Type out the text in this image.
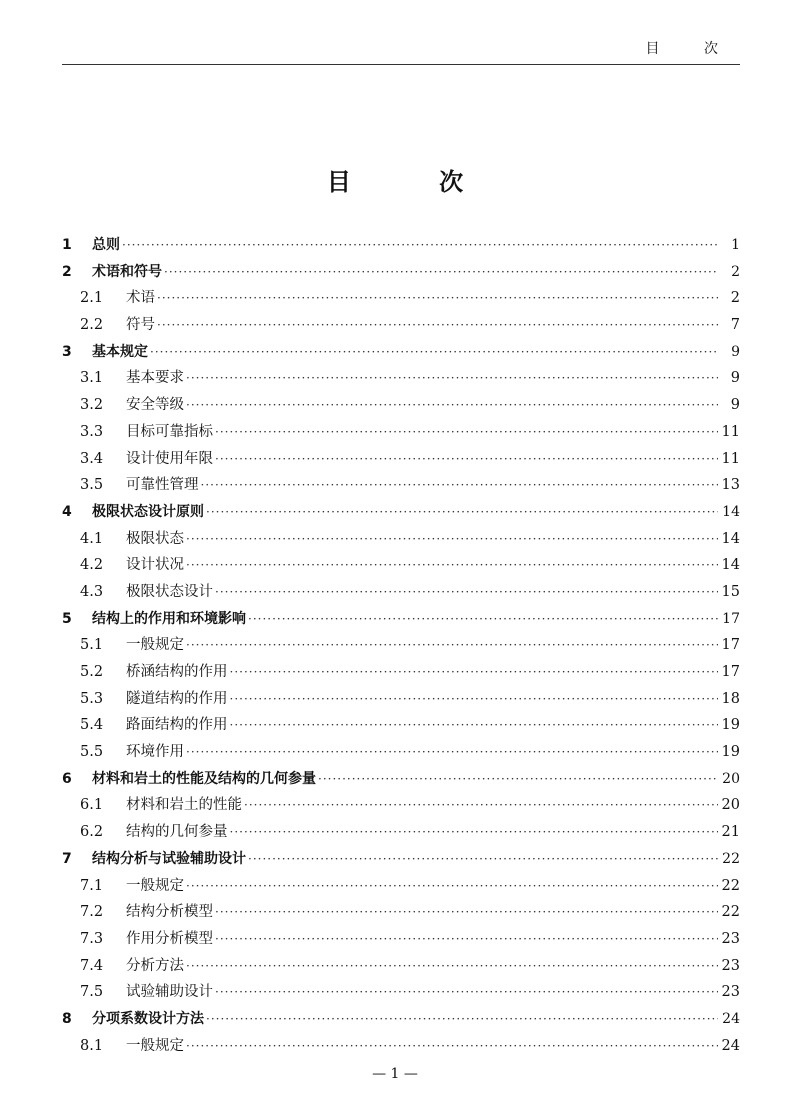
目 次
目 次
1	总则 ·····	1
2	术语和符号 ·····	2
2.1	术语 ·····	2
2.2	符号 ·····	7
3	基本规定 ·····	9
3.1	基本要求 ·····	9
3.2	安全等级 ·····	9
3.3	目标可靠指标 ·····	11
3.4	设计使用年限 ·····	11
3.5	可靠性管理 ·····	13
4	极限状态设计原则 ·····	14
4.1	极限状态 ·····	14
4.2	设计状况 ·····	14
4.3	极限状态设计 ·····	15
5	结构上的作用和环境影响 ·····	17
5.1	一般规定 ·····	17
5.2	桥涵结构的作用 ·····	17
5.3	隧道结构的作用 ·····	18
5.4	路面结构的作用 ·····	19
5.5	环境作用 ·····	19
6	材料和岩土的性能及结构的几何参量 ·····	20
6.1	材料和岩土的性能 ·····	20
6.2	结构的几何参量 ·····	21
7	结构分析与试验辅助设计 ·····	22
7.1	一般规定 ·····	22
7.2	结构分析模型 ·····	22
7.3	作用分析模型 ·····	23
7.4	分析方法 ·····	23
7.5	试验辅助设计 ·····	23
8	分项系数设计方法 ·····	24
8.1	一般规定 ·····	24
— 1 —
